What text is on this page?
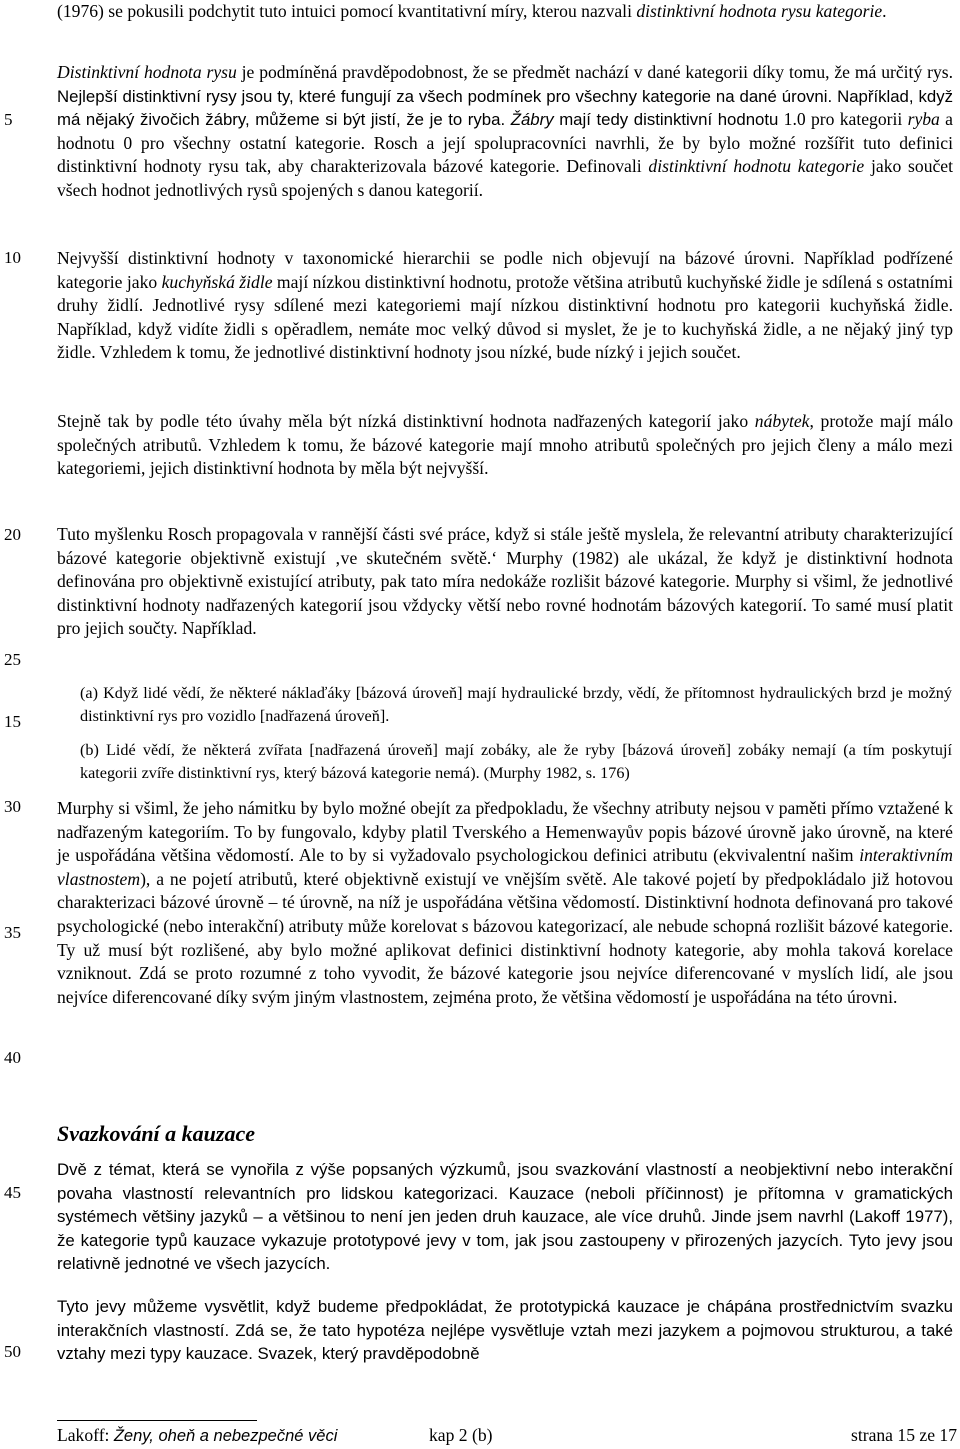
5
10
15
20
25
30
35
40
45
50

(1976) se pokusili podchytit tuto intuici pomocí kvantitativní míry, kterou nazvali distinktivní hodnota rysu kategorie.

Distinktivní hodnota rysu je podmíněná pravděpodobnost, že se předmět nachází v dané kategorii díky tomu, že má určitý rys. Nejlepší distinktivní rysy jsou ty, které fungují za všech podmínek pro všechny kategorie na dané úrovni. Například, když má nějaký živočich žábry, můžeme si být jistí, že je to ryba. Žábry mají tedy distinktivní hodnotu 1.0 pro kategorii ryba a hodnotu 0 pro všechny ostatní kategorie. Rosch a její spolupracovníci navrhli, že by bylo možné rozšířit tuto definici distinktivní hodnoty rysu tak, aby charakterizovala bázové kategorie. Definovali distinktivní hodnotu kategorie jako součet všech hodnot jednotlivých rysů spojených s danou kategorií.

Nejvyšší distinktivní hodnoty v taxonomické hierarchii se podle nich objevují na bázové úrovni. Například podřízené kategorie jako kuchyňská židle mají nízkou distinktivní hodnotu, protože většina atributů kuchyňské židle je sdílená s ostatními druhy židlí. Jednotlivé rysy sdílené mezi kategoriemi mají nízkou distinktivní hodnotu pro kategorii kuchyňská židle. Například, když vidíte židli s opěradlem, nemáte moc velký důvod si myslet, že je to kuchyňská židle, a ne nějaký jiný typ židle. Vzhledem k tomu, že jednotlivé distinktivní hodnoty jsou nízké, bude nízký i jejich součet.

Stejně tak by podle této úvahy měla být nízká distinktivní hodnota nadřazených kategorií jako nábytek, protože mají málo společných atributů. Vzhledem k tomu, že bázové kategorie mají mnoho atributů společných pro jejich členy a málo mezi kategoriemi, jejich distinktivní hodnota by měla být nejvyšší.

Tuto myšlenku Rosch propagovala v rannější části své práce, když si stále ještě myslela, že relevantní atributy charakterizující bázové kategorie objektivně existují ‚ve skutečném světě.‘ Murphy (1982) ale ukázal, že když je distinktivní hodnota definována pro objektivně existující atributy, pak tato míra nedokáže rozlišit bázové kategorie. Murphy si všiml, že jednotlivé distinktivní hodnoty nadřazených kategorií jsou vždycky větší nebo rovné hodnotám bázových kategorií. To samé musí platit pro jejich součty. Například.

(a) Když lidé vědí, že některé náklaďáky [bázová úroveň] mají hydraulické brzdy, vědí, že přítomnost hydraulických brzd je možný distinktivní rys pro vozidlo [nadřazená úroveň].

(b) Lidé vědí, že některá zvířata [nadřazená úroveň] mají zobáky, ale že ryby [bázová úroveň] zobáky nemají (a tím poskytují kategorii zvíře distinktivní rys, který bázová kategorie nemá). (Murphy 1982, s. 176)

Murphy si všiml, že jeho námitku by bylo možné obejít za předpokladu, že všechny atributy nejsou v paměti přímo vztažené k nadřazeným kategoriím. To by fungovalo, kdyby platil Tverského a Hemenwayův popis bázové úrovně jako úrovně, na které je uspořádána většina vědomostí. Ale to by si vyžadovalo psychologickou definici atributu (ekvivalentní našim interaktivním vlastnostem), a ne pojetí atributů, které objektivně existují ve vnějším světě. Ale takové pojetí by předpokládalo již hotovou charakterizaci bázové úrovně – té úrovně, na níž je uspořádána většina vědomostí. Distinktivní hodnota definovaná pro takové psychologické (nebo interakční) atributy může korelovat s bázovou kategorizací, ale nebude schopná rozlišit bázové kategorie. Ty už musí být rozlišené, aby bylo možné aplikovat definici distinktivní hodnoty kategorie, aby mohla taková korelace vzniknout. Zdá se proto rozumné z toho vyvodit, že bázové kategorie jsou nejvíce diferencované v myslích lidí, ale jsou nejvíce diferencované díky svým jiným vlastnostem, zejména proto, že většina vědomostí je uspořádána na této úrovni.

Svazkování a kauzace

Dvě z témat, která se vynořila z výše popsaných výzkumů, jsou svazkování vlastností a neobjektivní nebo interakční povaha vlastností relevantních pro lidskou kategorizaci. Kauzace (neboli příčinnost) je přítomna v gramatických systémech většiny jazyků – a většinou to není jen jeden druh kauzace, ale více druhů. Jinde jsem navrhl (Lakoff 1977), že kategorie typů kauzace vykazuje prototypové jevy v tom, jak jsou zastoupeny v přirozených jazycích. Tyto jevy jsou relativně jednotné ve všech jazycích.

Tyto jevy můžeme vysvětlit, když budeme předpokládat, že prototypická kauzace je chápána prostřednictvím svazku interakčních vlastností. Zdá se, že tato hypotéza nejlépe vysvětluje vztah mezi jazykem a pojmovou strukturou, a také vztahy mezi typy kauzace. Svazek, který pravděpodobně

Lakoff: Ženy, oheň a nebezpečné věci	kap 2 (b)	strana 15 ze 17
